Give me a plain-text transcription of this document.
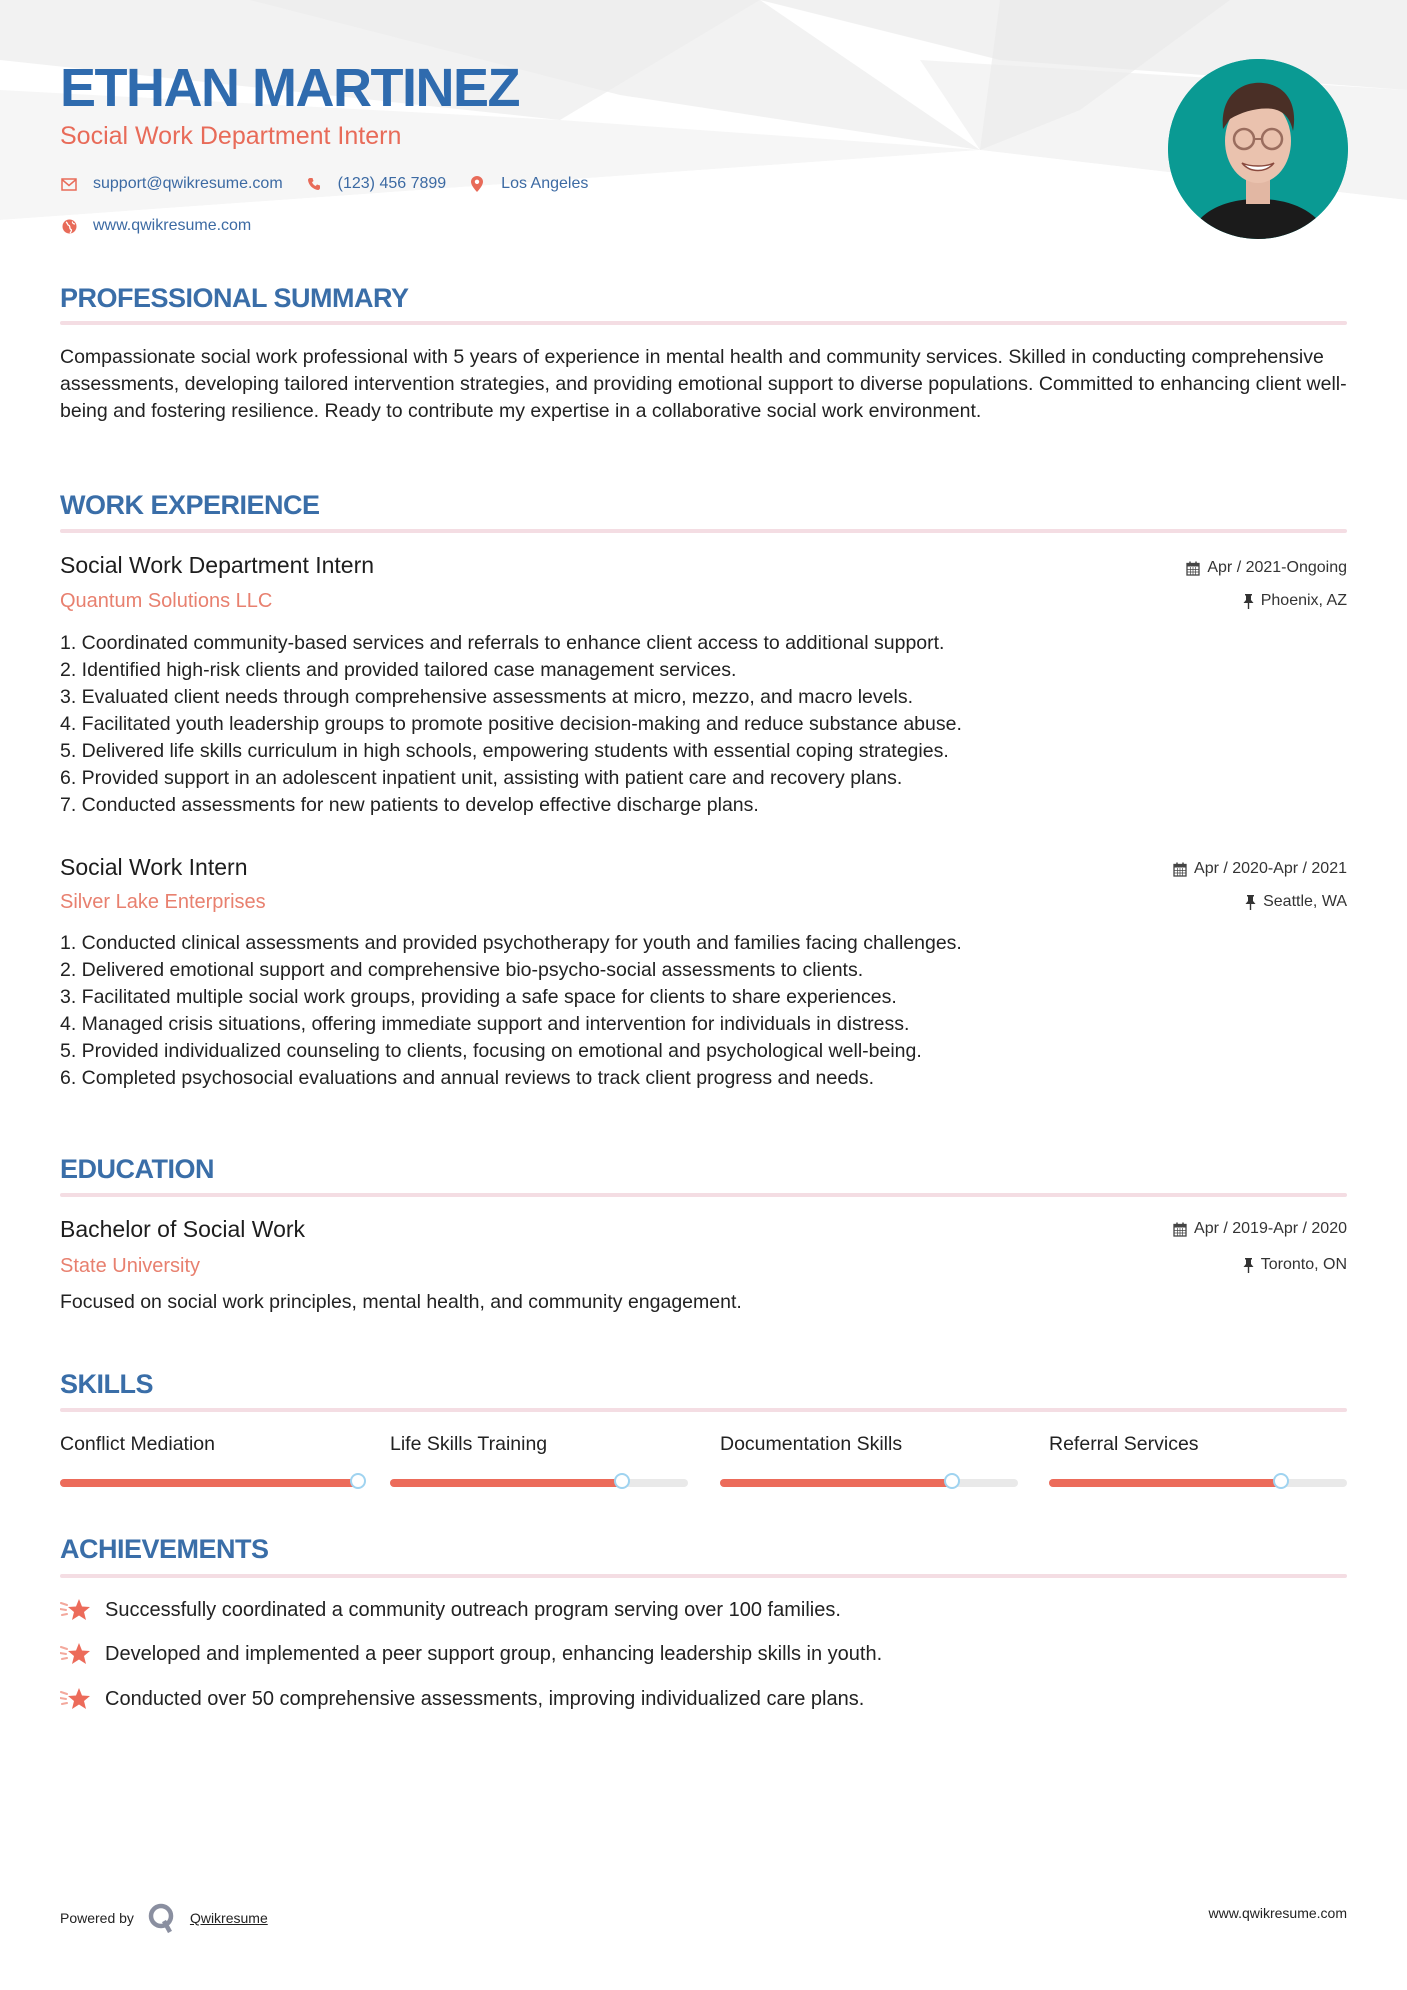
ETHAN MARTINEZ
Social Work Department Intern
support@qwikresume.com	(123) 456 7899	Los Angeles
www.qwikresume.com
PROFESSIONAL SUMMARY
Compassionate social work professional with 5 years of experience in mental health and community services. Skilled in conducting comprehensive assessments, developing tailored intervention strategies, and providing emotional support to diverse populations. Committed to enhancing client well-being and fostering resilience. Ready to contribute my expertise in a collaborative social work environment.
WORK EXPERIENCE
Social Work Department Intern
Quantum Solutions LLC
Apr / 2021-Ongoing
Phoenix, AZ
1. Coordinated community-based services and referrals to enhance client access to additional support.
2. Identified high-risk clients and provided tailored case management services.
3. Evaluated client needs through comprehensive assessments at micro, mezzo, and macro levels.
4. Facilitated youth leadership groups to promote positive decision-making and reduce substance abuse.
5. Delivered life skills curriculum in high schools, empowering students with essential coping strategies.
6. Provided support in an adolescent inpatient unit, assisting with patient care and recovery plans.
7. Conducted assessments for new patients to develop effective discharge plans.
Social Work Intern
Silver Lake Enterprises
Apr / 2020-Apr / 2021
Seattle, WA
1. Conducted clinical assessments and provided psychotherapy for youth and families facing challenges.
2. Delivered emotional support and comprehensive bio-psycho-social assessments to clients.
3. Facilitated multiple social work groups, providing a safe space for clients to share experiences.
4. Managed crisis situations, offering immediate support and intervention for individuals in distress.
5. Provided individualized counseling to clients, focusing on emotional and psychological well-being.
6. Completed psychosocial evaluations and annual reviews to track client progress and needs.
EDUCATION
Bachelor of Social Work
State University
Apr / 2019-Apr / 2020
Toronto, ON
Focused on social work principles, mental health, and community engagement.
SKILLS
Conflict Mediation	Life Skills Training	Documentation Skills	Referral Services
ACHIEVEMENTS
Successfully coordinated a community outreach program serving over 100 families.
Developed and implemented a peer support group, enhancing leadership skills in youth.
Conducted over 50 comprehensive assessments, improving individualized care plans.
Powered by	Qwikresume	www.qwikresume.com
